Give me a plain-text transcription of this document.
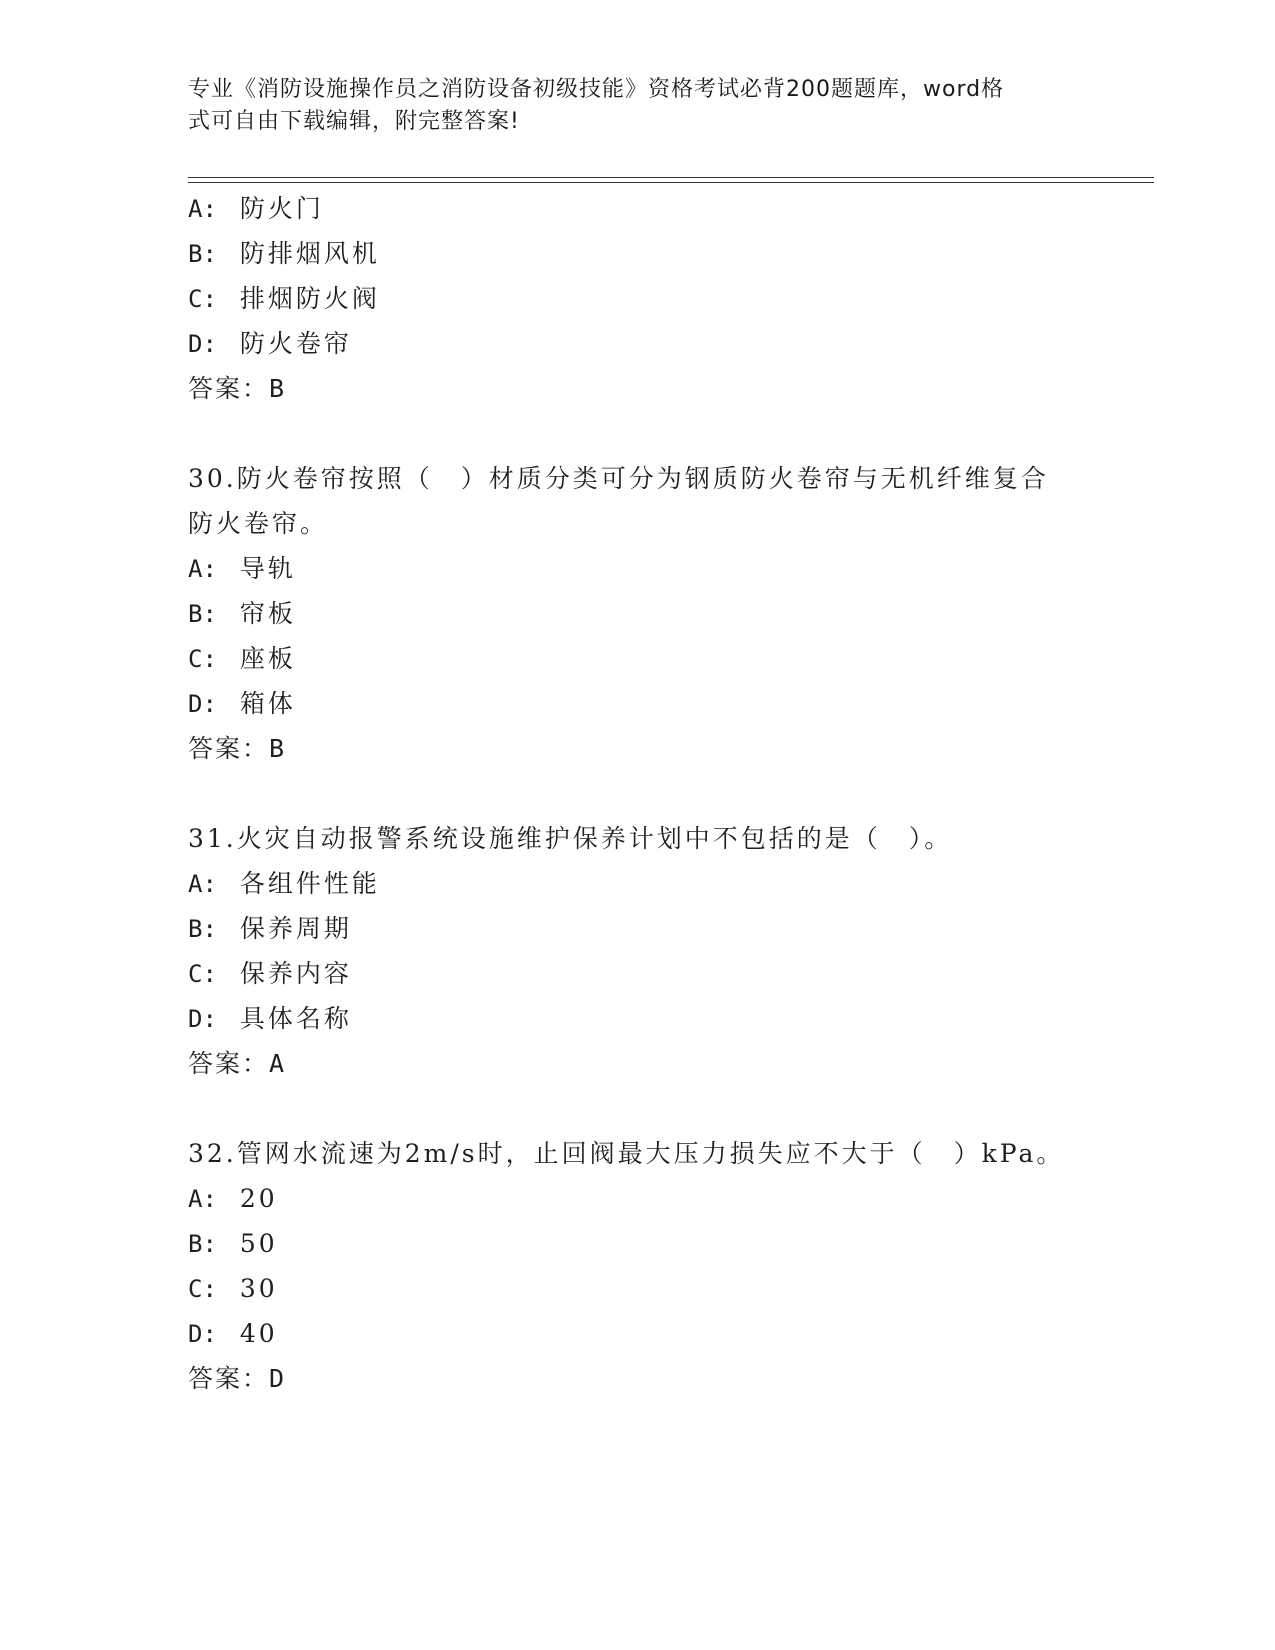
专业《消防设施操作员之消防设备初级技能》资格考试必背200题题库，word格
式可自由下载编辑，附完整答案!
A: 防火门
B: 防排烟风机
C: 排烟防火阀
D: 防火卷帘
答案：B
30.防火卷帘按照（　）材质分类可分为钢质防火卷帘与无机纤维复合
防火卷帘。
A: 导轨
B: 帘板
C: 座板
D: 箱体
答案：B
31.火灾自动报警系统设施维护保养计划中不包括的是（　）。
A: 各组件性能
B: 保养周期
C: 保养内容
D: 具体名称
答案：A
32.管网水流速为2m/s时，止回阀最大压力损失应不大于（　）kPa。
A: 20
B: 50
C: 30
D: 40
答案：D
